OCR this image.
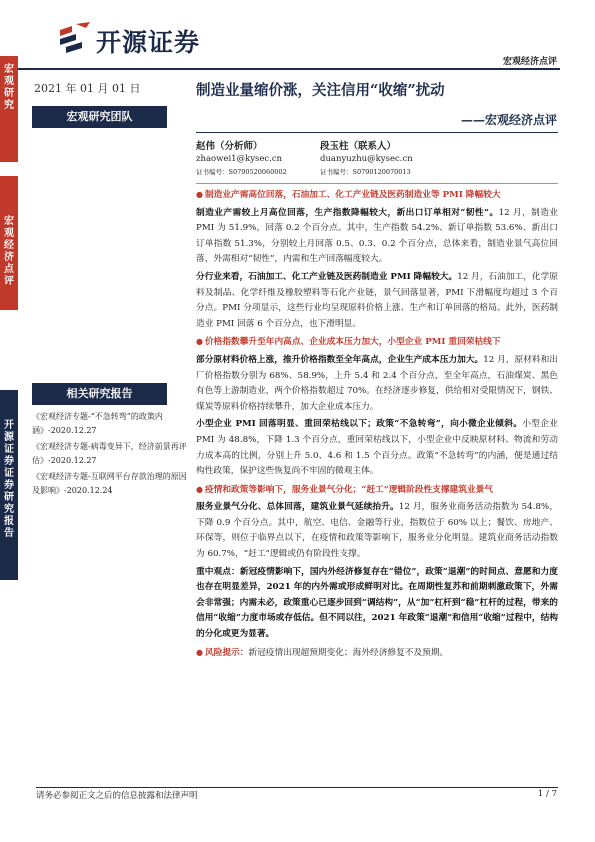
开源证券
宏观经济点评
宏观研究
宏观经济点评
开源证券 证券研究报告
2021 年 01 月 01 日
宏观研究团队
相关研究报告
《宏观经济专题-“不急转弯”的政策内涵》-2020.12.27
《宏观经济专题-病毒变异下，经济前景再评估》-2020.12.27
《宏观经济专题-互联网平台存款治理的原因及影响》-2020.12.24
制造业量缩价涨，关注信用“收缩”扰动
——宏观经济点评
赵伟（分析师）
zhaowei1@kysec.cn
证书编号：S0790520060002
段玉柱（联系人）
duanyuzhu@kysec.cn
证书编号：S0790120070013

● 制造业产需高位回落，石油加工、化工产业链及医药制造业等 PMI 降幅较大

制造业产需较上月高位回落，生产指数降幅较大，新出口订单相对“韧性”。12 月，制造业 PMI 为 51.9%，回落 0.2 个百分点。其中，生产指数 54.2%、新订单指数 53.6%、新出口订单指数 51.3%，分别较上月回落 0.5、0.3、0.2 个百分点，总体来看，制造业景气高位回落，外需相对“韧性”，内需和生产回落幅度较大。

分行业来看，石油加工、化工产业链及医药制造业 PMI 降幅较大。12 月，石油加工，化学原料及制品、化学纤维及橡胶塑料等石化产业链，景气回落显著，PMI 下滑幅度均超过 3 个百分点。PMI 分项显示，这些行业均呈现原料价格上涨、生产和订单回落的格局。此外，医药制造业 PMI 回落 6 个百分点，也下滑明显。

● 价格指数攀升至年内高点、企业成本压力加大，小型企业 PMI 重回荣枯线下

部分原材料价格上涨，推升价格指数至全年高点，企业生产成本压力加大。12 月，原材料和出厂价格指数分别为 68%、58.9%，上升 5.4 和 2.4 个百分点，至全年高点，石油煤炭、黑色有色等上游制造业，两个价格指数超过 70%。在经济逐步修复，供给相对受限情况下，钢铁、煤炭等原料价格持续攀升，加大企业成本压力。

小型企业 PMI 回落明显、重回荣枯线以下；政策“不急转弯”，向小微企业倾斜。小型企业 PMI 为 48.8%，下降 1.3 个百分点，重回荣枯线以下，小型企业中反映原材料、物流和劳动力成本高的比例，分别上升 5.0、4.6 和 1.5 个百分点。政策“不急转弯”的内涵，便是通过结构性政策，保护这些恢复尚不牢固的微观主体。

● 疫情和政策等影响下，服务业景气分化；“赶工”逻辑阶段性支撑建筑业景气

服务业景气分化、总体回落，建筑业景气延续抬升。12 月，服务业商务活动指数为 54.8%，下降 0.9 个百分点。其中，航空、电信、金融等行业，指数位于 60% 以上；餐饮、房地产、环保等，则位于临界点以下，在疫情和政策等影响下，服务业分化明显。建筑业商务活动指数为 60.7%，“赶工”逻辑或仍有阶段性支撑。

重中观点：新冠疫情影响下，国内外经济修复存在“错位”，政策“退潮”的时间点、意愿和力度也存在明显差异，2021 年的内外需或形成鲜明对比。在周期性复苏和前期刺激政策下，外需会非常强；内需未必，政策重心已逐步回到“调结构”，从“加”杠杆到“稳”杠杆的过程，带来的信用“收缩”力度市场或存低估。但不同以往，2021 年政策“退潮”和信用“收缩”过程中，结构的分化或更为显著。

● 风险提示：新冠疫情出现超预期变化；海外经济修复不及预期。

请务必参阅正文之后的信息披露和法律声明	1 / 7
